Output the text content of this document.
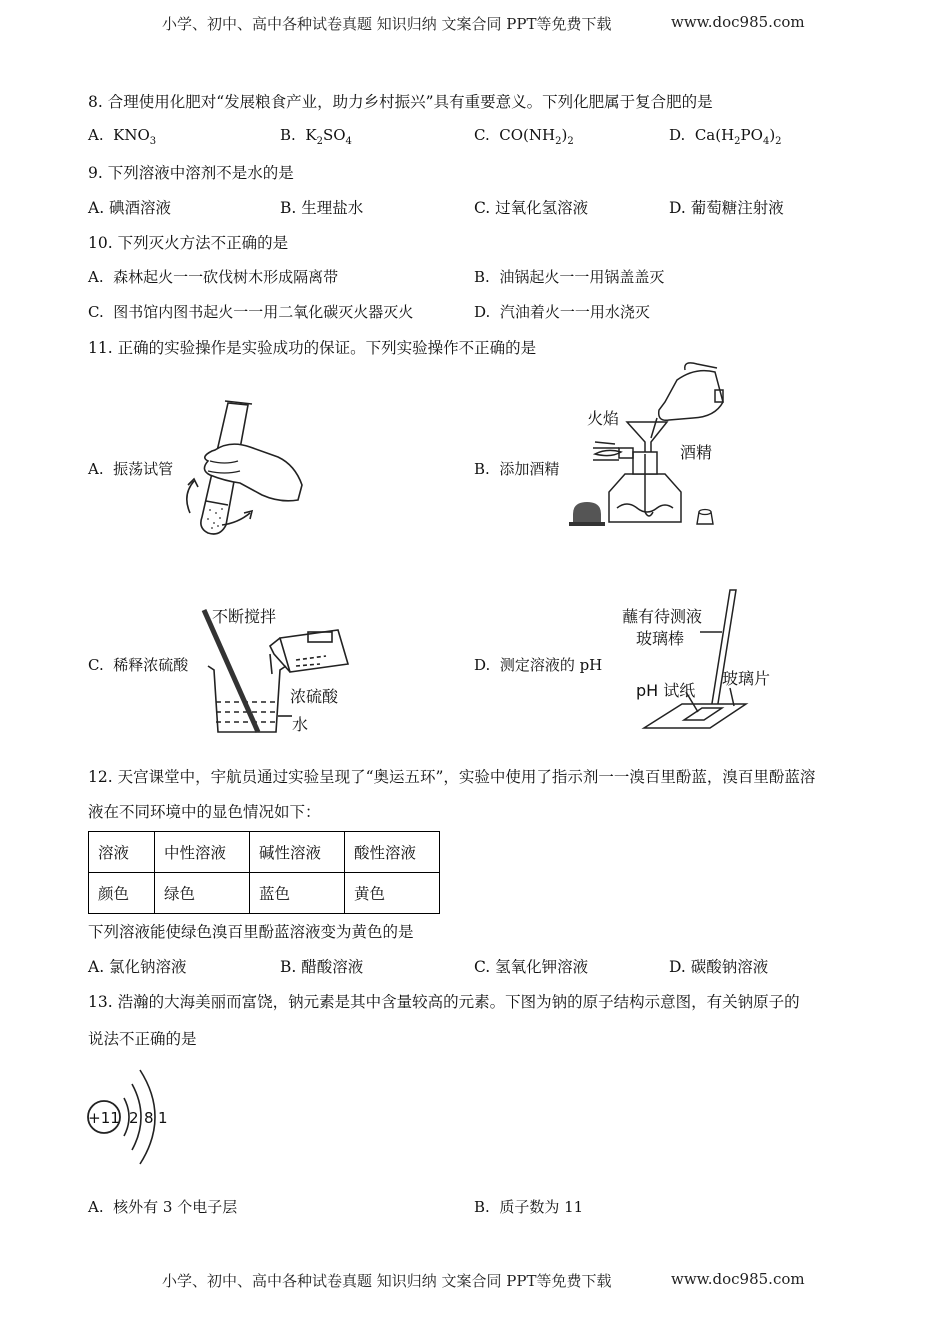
小学、初中、高中各种试卷真题 知识归纳 文案合同 PPT等免费下载	www.doc985.com
8. 合理使用化肥对“发展粮食产业，助力乡村振兴”具有重要意义。下列化肥属于复合肥的是
A. $KNO_3$	B. $K_2SO_4$	C. $CO(NH_2)_2$	D. $Ca(H_2PO_4)_2$
9. 下列溶液中溶剂不是水的是
A. 碘酒溶液	B. 生理盐水	C. 过氧化氢溶液	D. 葡萄糖注射液
10. 下列灭火方法不正确的是
A. 森林起火一一砍伐树木形成隔离带	B. 油锅起火一一用锅盖盖灭
C. 图书馆内图书起火一一用二氧化碳灭火器灭火	D. 汽油着火一一用水浇灭
11. 正确的实验操作是实验成功的保证。下列实验操作不正确的是
A. 振荡试管	B. 添加酒精
C. 稀释浓硫酸	D. 测定溶液的 pH
火焰
酒精
不断搅拌
浓硫酸
水
蘸有待测液
玻璃棒
pH 试纸
玻璃片
12. 天宫课堂中，宇航员通过实验呈现了“奥运五环”，实验中使用了指示剂一一溴百里酚蓝，溴百里酚蓝溶
液在不同环境中的显色情况如下：
溶液	中性溶液	碱性溶液	酸性溶液
颜色	绿色	蓝色	黄色
下列溶液能使绿色溴百里酚蓝溶液变为黄色的是
A. 氯化钠溶液	B. 醋酸溶液	C. 氢氧化钾溶液	D. 碳酸钠溶液
13. 浩瀚的大海美丽而富饶，钠元素是其中含量较高的元素。下图为钠的原子结构示意图，有关钠原子的
说法不正确的是
+11 2 8 1
A. 核外有 3 个电子层	B. 质子数为 11
小学、初中、高中各种试卷真题 知识归纳 文案合同 PPT等免费下载	www.doc985.com
